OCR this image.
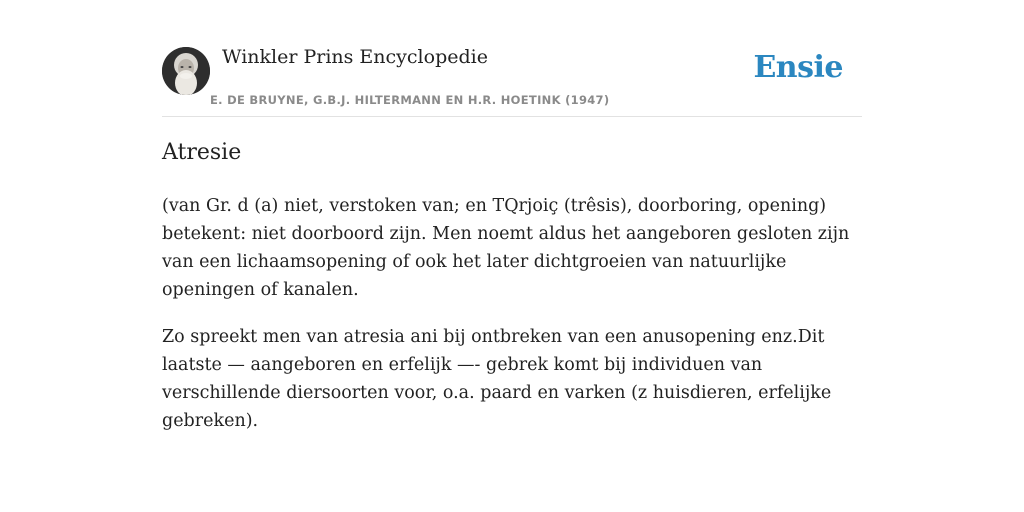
Winkler Prins Encyclopedie
E. DE BRUYNE, G.B.J. HILTERMANN EN H.R. HOETINK (1947)
Ensie
Atresie

(van Gr. d (a) niet, verstoken van; en TQrjoiç (trêsis), doorboring, opening) betekent: niet doorboord zijn. Men noemt aldus het aangeboren gesloten zijn van een lichaamsopening of ook het later dichtgroeien van natuurlijke openingen of kanalen.

Zo spreekt men van atresia ani bij ontbreken van een anusopening enz.Dit laatste — aangeboren en erfelijk —- gebrek komt bij individuen van verschillende diersoorten voor, o.a. paard en varken (z huisdieren, erfelijke gebreken).
